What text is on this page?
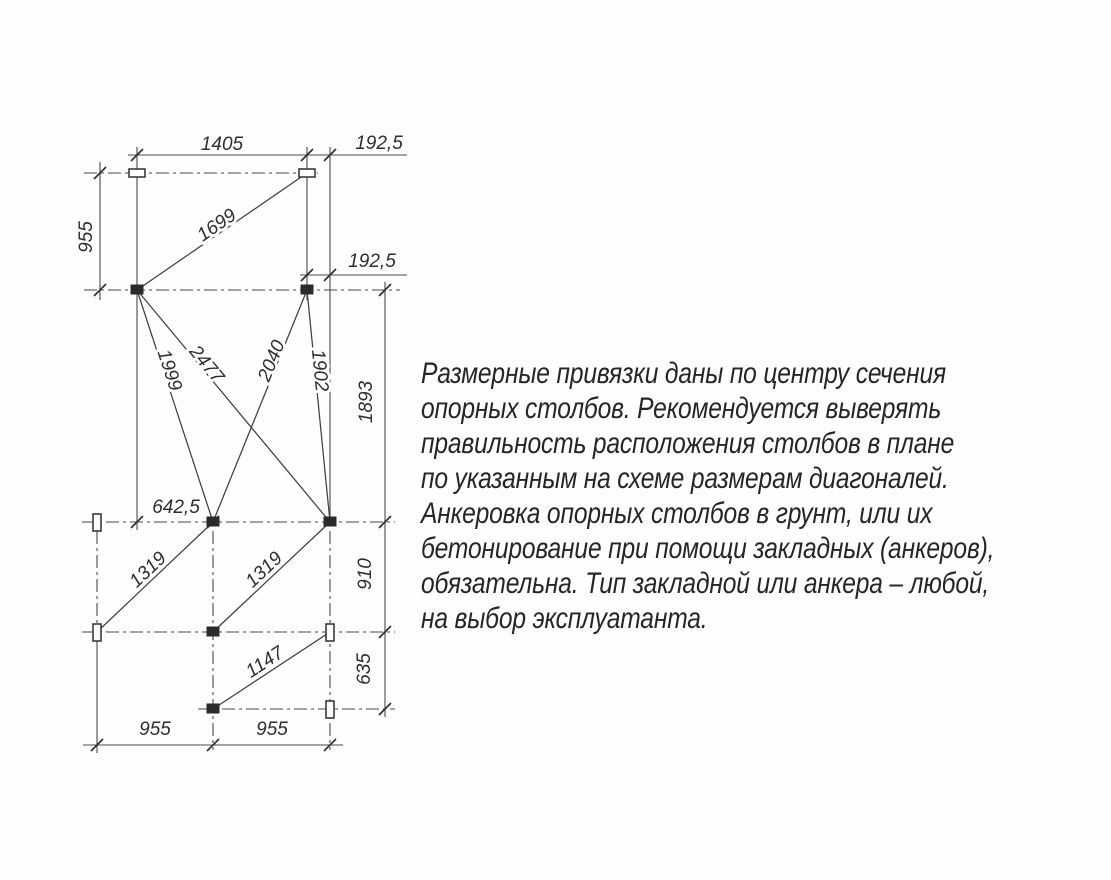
1405	192,5
192,5
955	1699
1999
2477 2040 1902
1893
642,5
1319	1319	910
1147	635
955	955
Размерные привязки даны по центру сечения
опорных столбов. Рекомендуется выверять
правильность расположения столбов в плане
по указанным на схеме размерам диагоналей.
Анкеровка опорных столбов в грунт, или их
бетонирование при помощи закладных (анкеров),
обязательна. Тип закладной или анкера – любой,
на выбор эксплуатанта.
